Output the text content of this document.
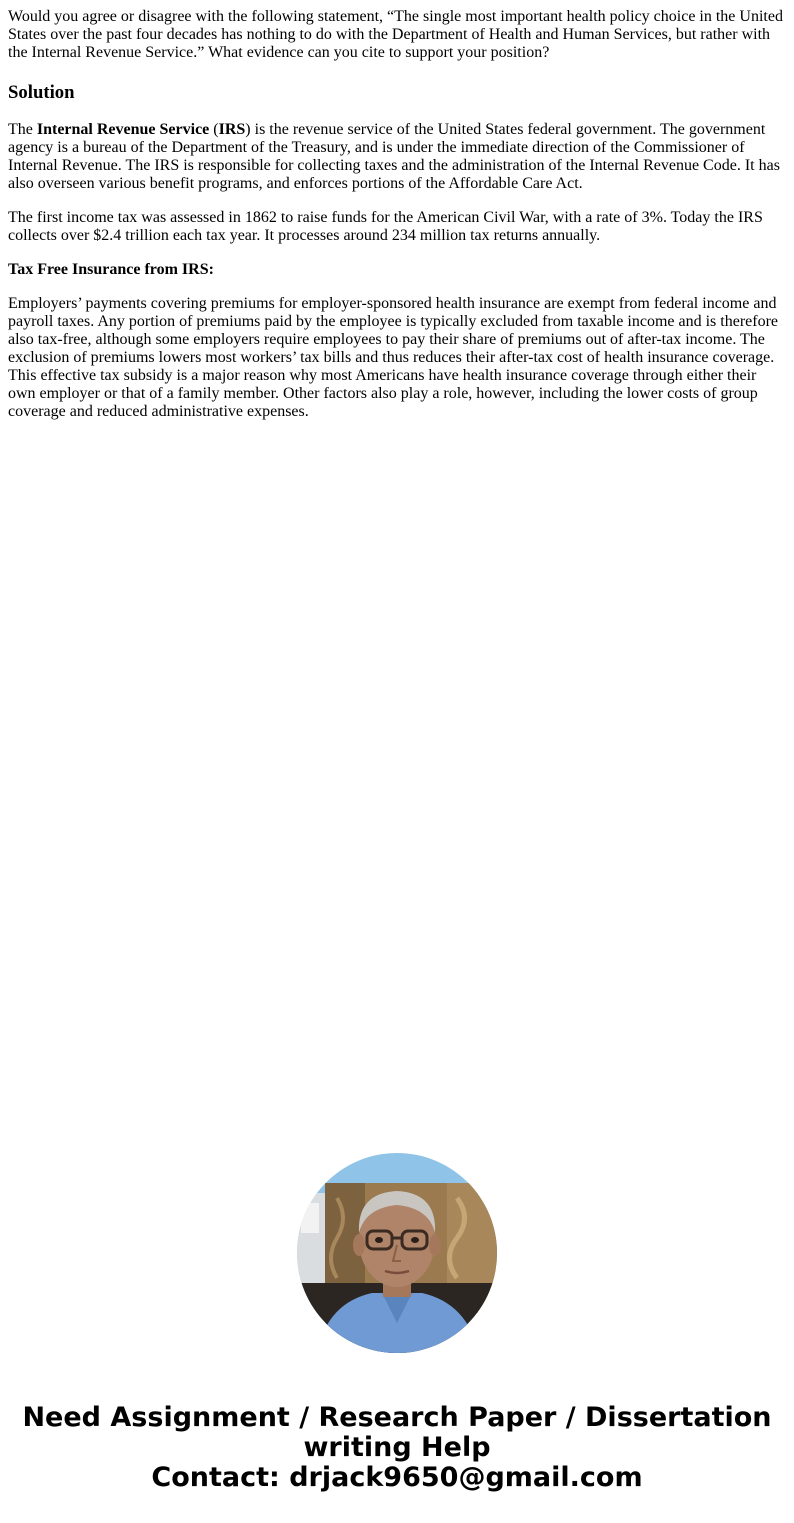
Would you agree or disagree with the following statement, “The single most important health policy choice in the United States over the past four decades has nothing to do with the Department of Health and Human Services, but rather with the Internal Revenue Service.” What evidence can you cite to support your position?

Solution

The Internal Revenue Service (IRS) is the revenue service of the United States federal government. The government agency is a bureau of the Department of the Treasury, and is under the immediate direction of the Commissioner of Internal Revenue. The IRS is responsible for collecting taxes and the administration of the Internal Revenue Code. It has also overseen various benefit programs, and enforces portions of the Affordable Care Act.

The first income tax was assessed in 1862 to raise funds for the American Civil War, with a rate of 3%. Today the IRS collects over $2.4 trillion each tax year. It processes around 234 million tax returns annually.

Tax Free Insurance from IRS:

Employers’ payments covering premiums for employer-sponsored health insurance are exempt from federal income and payroll taxes. Any portion of premiums paid by the employee is typically excluded from taxable income and is therefore also tax-free, although some employers require employees to pay their share of premiums out of after-tax income. The exclusion of premiums lowers most workers’ tax bills and thus reduces their after-tax cost of health insurance coverage. This effective tax subsidy is a major reason why most Americans have health insurance coverage through either their own employer or that of a family member. Other factors also play a role, however, including the lower costs of group coverage and reduced administrative expenses.

Need Assignment / Research Paper / Dissertation
writing Help
Contact: drjack9650@gmail.com
